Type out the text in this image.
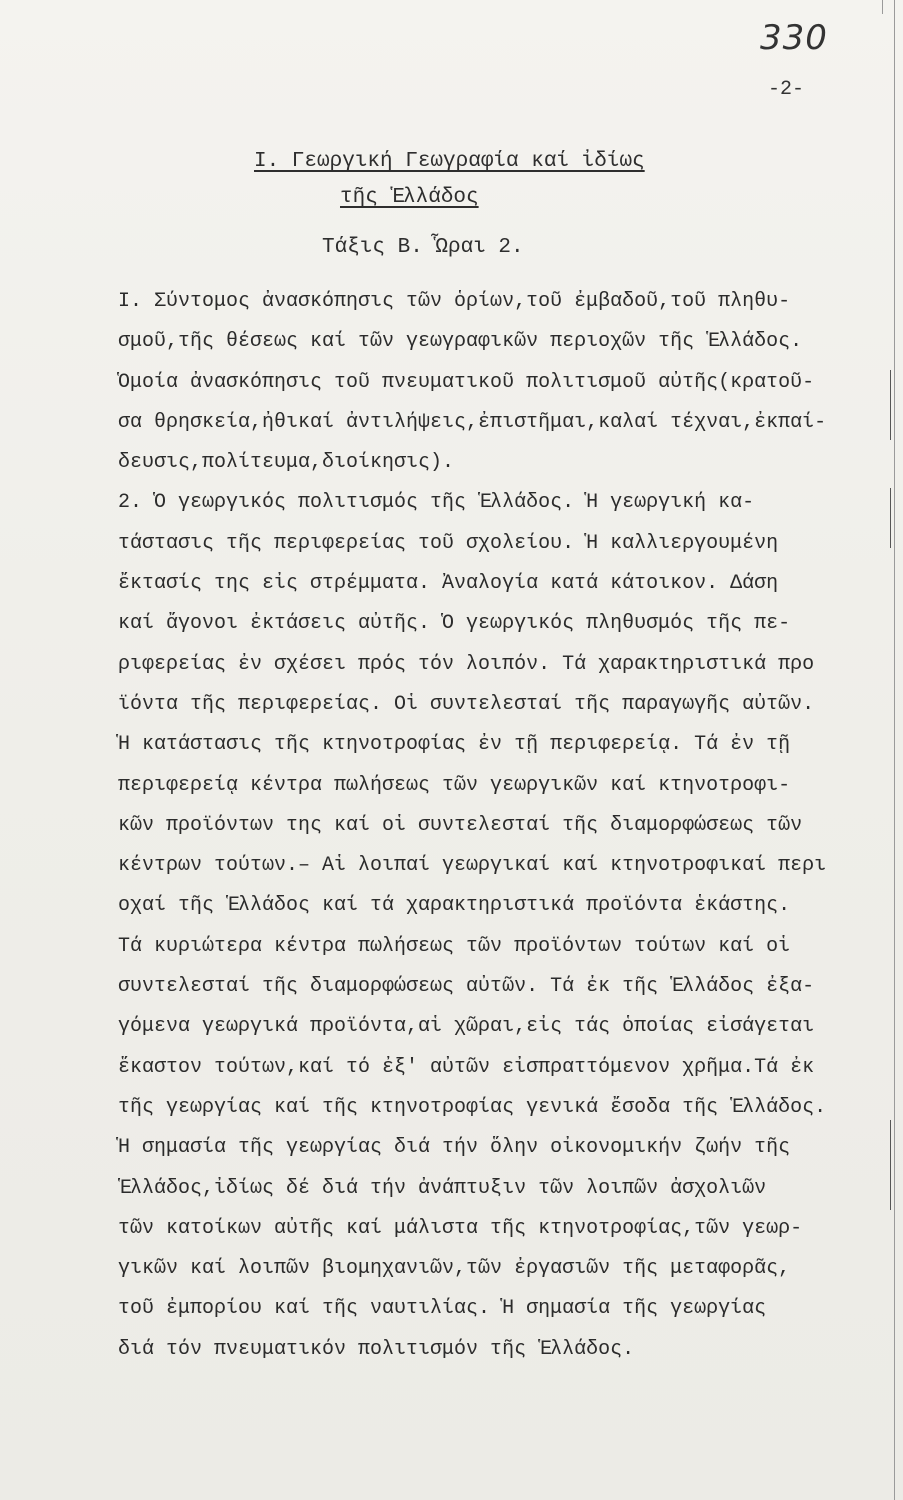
330
-2-
I. Γεωργική Γεωγραφία καί ἰδίως
τῆς Ἑλλάδος
Τάξις Β. Ὧραι 2.
I. Σύντομος ἀνασκόπησις τῶν ὁρίων,τοῦ ἐμβαδοῦ,τοῦ πληθυ-
σμοῦ,τῆς θέσεως καί τῶν γεωγραφικῶν περιοχῶν τῆς Ἑλλάδος.
Ὁμοία ἀνασκόπησις τοῦ πνευματικοῦ πολιτισμοῦ αὐτῆς(κρατοῦ-
σα θρησκεία,ἠθικαί ἀντιλήψεις,ἐπιστῆμαι,καλαί τέχναι,ἐκπαί-
δευσις,πολίτευμα,διοίκησις).
2. Ὁ γεωργικός πολιτισμός τῆς Ἑλλάδος. Ἡ γεωργική κα-
τάστασις τῆς περιφερείας τοῦ σχολείου. Ἡ καλλιεργουμένη
ἔκτασίς της εἰς στρέμματα. Ἀναλογία κατά κάτοικον. Δάση
καί ἄγονοι ἐκτάσεις αὐτῆς. Ὁ γεωργικός πληθυσμός τῆς πε-
ριφερείας ἐν σχέσει πρός τόν λοιπόν. Τά χαρακτηριστικά προ
ϊόντα τῆς περιφερείας. Οἱ συντελεσταί τῆς παραγωγῆς αὐτῶν.
Ἡ κατάστασις τῆς κτηνοτροφίας ἐν τῇ περιφερείᾳ. Τά ἐν τῇ
περιφερείᾳ κέντρα πωλήσεως τῶν γεωργικῶν καί κτηνοτροφι-
κῶν προϊόντων της καί οἱ συντελεσταί τῆς διαμορφώσεως τῶν
κέντρων τούτων.– Αἱ λοιπαί γεωργικαί καί κτηνοτροφικαί περι
οχαί τῆς Ἑλλάδος καί τά χαρακτηριστικά προϊόντα ἑκάστης.
Τά κυριώτερα κέντρα πωλήσεως τῶν προϊόντων τούτων καί οἱ
συντελεσταί τῆς διαμορφώσεως αὐτῶν. Τά ἐκ τῆς Ἑλλάδος ἐξα-
γόμενα γεωργικά προϊόντα,αἱ χῶραι,εἰς τάς ὁποίας εἰσάγεται
ἕκαστον τούτων,καί τό ἐξ' αὐτῶν εἰσπραττόμενον χρῆμα.Τά ἐκ
τῆς γεωργίας καί τῆς κτηνοτροφίας γενικά ἔσοδα τῆς Ἑλλάδος.
Ἡ σημασία τῆς γεωργίας διά τήν ὅλην οἰκονομικήν ζωήν τῆς
Ἑλλάδος,ἰδίως δέ διά τήν ἀνάπτυξιν τῶν λοιπῶν ἀσχολιῶν
τῶν κατοίκων αὐτῆς καί μάλιστα τῆς κτηνοτροφίας,τῶν γεωρ-
γικῶν καί λοιπῶν βιομηχανιῶν,τῶν ἐργασιῶν τῆς μεταφορᾶς,
τοῦ ἐμπορίου καί τῆς ναυτιλίας. Ἡ σημασία τῆς γεωργίας
διά τόν πνευματικόν πολιτισμόν τῆς Ἑλλάδος.
